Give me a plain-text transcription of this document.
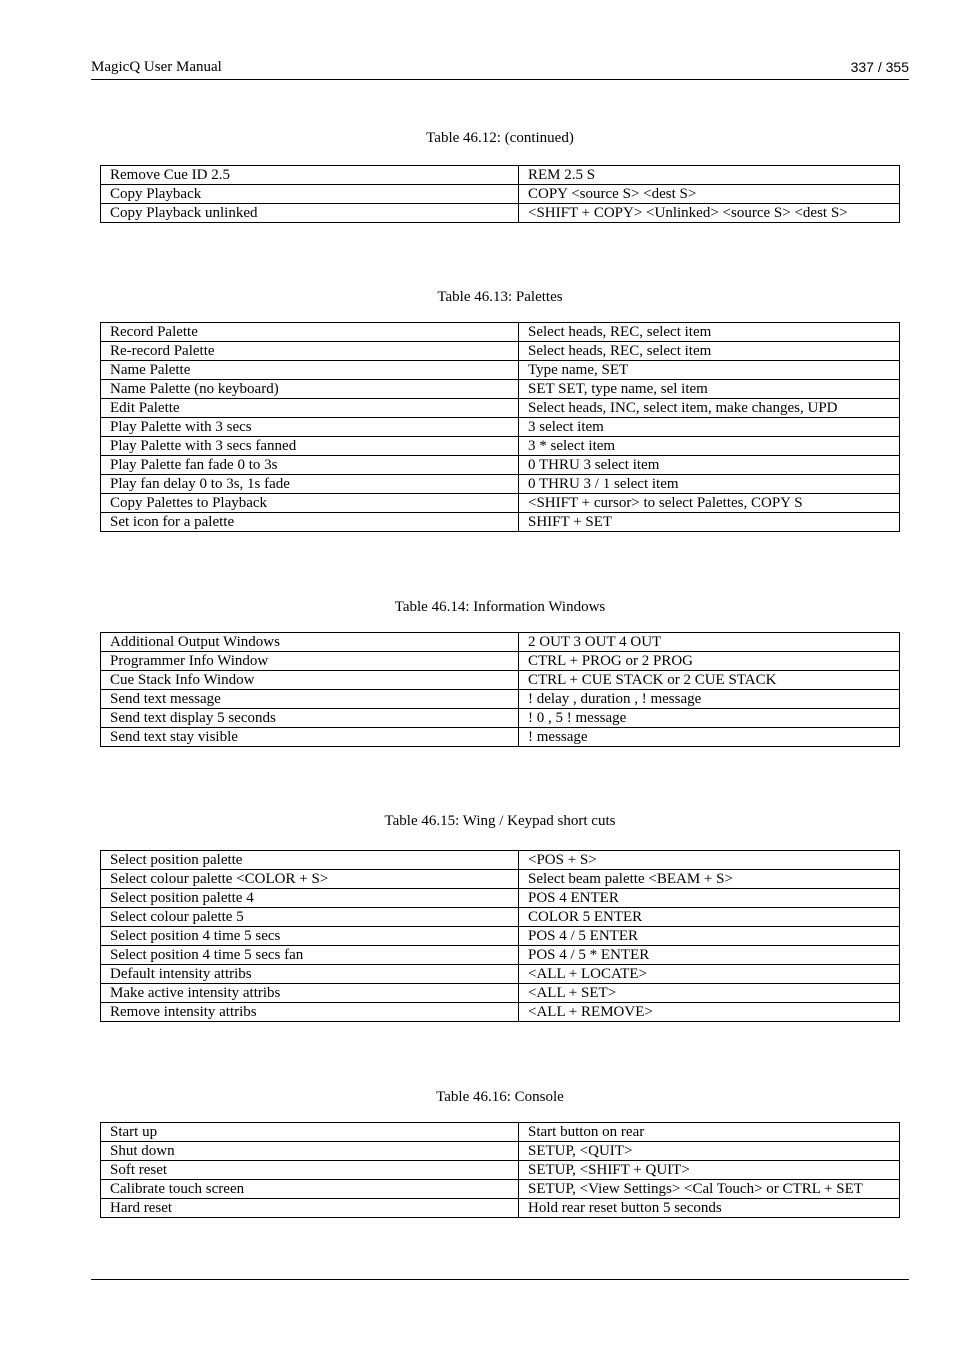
MagicQ User Manual	337 / 355
Table 46.12: (continued)
Remove Cue ID 2.5	REM 2.5 S
Copy Playback	COPY <source S> <dest S>
Copy Playback unlinked	<SHIFT + COPY> <Unlinked> <source S> <dest S>
Table 46.13: Palettes
Record Palette	Select heads, REC, select item
Re-record Palette	Select heads, REC, select item
Name Palette	Type name, SET
Name Palette (no keyboard)	SET SET, type name, sel item
Edit Palette	Select heads, INC, select item, make changes, UPD
Play Palette with 3 secs	3 select item
Play Palette with 3 secs fanned	3 * select item
Play Palette fan fade 0 to 3s	0 THRU 3 select item
Play fan delay 0 to 3s, 1s fade	0 THRU 3 / 1 select item
Copy Palettes to Playback	<SHIFT + cursor> to select Palettes, COPY S
Set icon for a palette	SHIFT + SET
Table 46.14: Information Windows
Additional Output Windows	2 OUT 3 OUT 4 OUT
Programmer Info Window	CTRL + PROG or 2 PROG
Cue Stack Info Window	CTRL + CUE STACK or 2 CUE STACK
Send text message	! delay , duration , ! message
Send text display 5 seconds	! 0 , 5 ! message
Send text stay visible	! message
Table 46.15: Wing / Keypad short cuts
Select position palette	<POS + S>
Select colour palette <COLOR + S>	Select beam palette <BEAM + S>
Select position palette 4	POS 4 ENTER
Select colour palette 5	COLOR 5 ENTER
Select position 4 time 5 secs	POS 4 / 5 ENTER
Select position 4 time 5 secs fan	POS 4 / 5 * ENTER
Default intensity attribs	<ALL + LOCATE>
Make active intensity attribs	<ALL + SET>
Remove intensity attribs	<ALL + REMOVE>
Table 46.16: Console
Start up	Start button on rear
Shut down	SETUP, <QUIT>
Soft reset	SETUP, <SHIFT + QUIT>
Calibrate touch screen	SETUP, <View Settings> <Cal Touch> or CTRL + SET
Hard reset	Hold rear reset button 5 seconds
